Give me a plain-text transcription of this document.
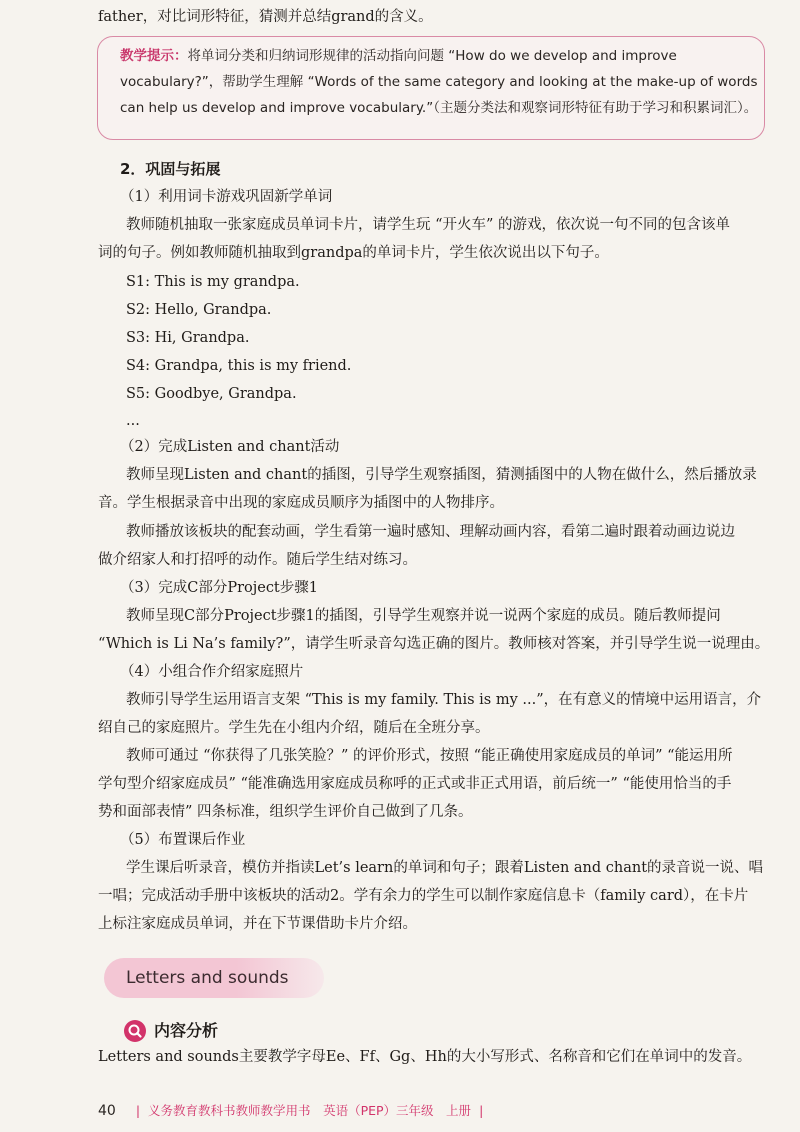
father，对比词形特征，猜测并总结grand的含义。
教学提示：将单词分类和归纳词形规律的活动指向问题 “How do we develop and improve
vocabulary?”，帮助学生理解 “Words of the same category and looking at the make-up of words
can help us develop and improve vocabulary.”（主题分类法和观察词形特征有助于学习和积累词汇）。
2．巩固与拓展
（1）利用词卡游戏巩固新学单词
教师随机抽取一张家庭成员单词卡片，请学生玩 “开火车” 的游戏，依次说一句不同的包含该单
词的句子。例如教师随机抽取到grandpa的单词卡片，学生依次说出以下句子。
S1: This is my grandpa.
S2: Hello, Grandpa.
S3: Hi, Grandpa.
S4: Grandpa, this is my friend.
S5: Goodbye, Grandpa.
...
（2）完成Listen and chant活动
教师呈现Listen and chant的插图，引导学生观察插图，猜测插图中的人物在做什么，然后播放录
音。学生根据录音中出现的家庭成员顺序为插图中的人物排序。
教师播放该板块的配套动画，学生看第一遍时感知、理解动画内容，看第二遍时跟着动画边说边
做介绍家人和打招呼的动作。随后学生结对练习。
（3）完成C部分Project步骤1
教师呈现C部分Project步骤1的插图，引导学生观察并说一说两个家庭的成员。随后教师提问
“Which is Li Na’s family?”，请学生听录音勾选正确的图片。教师核对答案，并引导学生说一说理由。
（4）小组合作介绍家庭照片
教师引导学生运用语言支架 “This is my family. This is my ...”，在有意义的情境中运用语言，介
绍自己的家庭照片。学生先在小组内介绍，随后在全班分享。
教师可通过 “你获得了几张笑脸？” 的评价形式，按照 “能正确使用家庭成员的单词” “能运用所
学句型介绍家庭成员” “能准确选用家庭成员称呼的正式或非正式用语，前后统一” “能使用恰当的手
势和面部表情” 四条标准，组织学生评价自己做到了几条。
（5）布置课后作业
学生课后听录音，模仿并指读Let’s learn的单词和句子；跟着Listen and chant的录音说一说、唱
一唱；完成活动手册中该板块的活动2。学有余力的学生可以制作家庭信息卡（family card），在卡片
上标注家庭成员单词，并在下节课借助卡片介绍。
Letters and sounds
内容分析
Letters and sounds主要教学字母Ee、Ff、Gg、Hh的大小写形式、名称音和它们在单词中的发音。
40 | 义务教育教科书教师教学用书　 英语（PEP）三年级　上册 |
